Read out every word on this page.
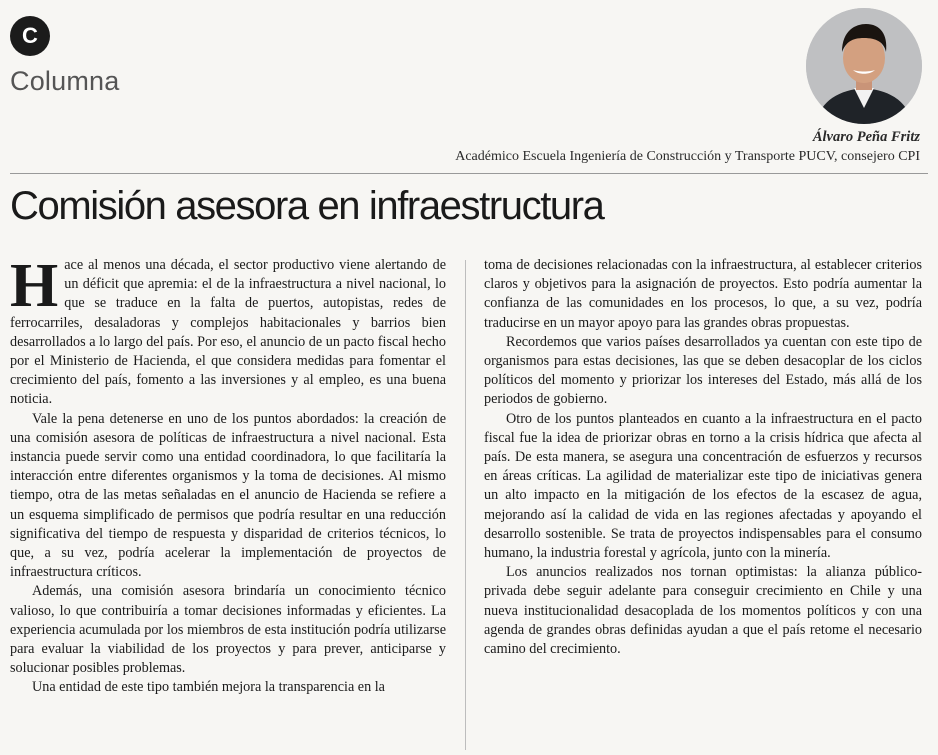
C
Columna
Álvaro Peña Fritz
Académico Escuela Ingeniería de Construcción y Transporte PUCV, consejero CPI
Comisión asesora en infraestructura

Hace al menos una década, el sector productivo viene alertando de un déficit que apremia: el de la infraestructura a nivel nacional, lo que se traduce en la falta de puertos, autopistas, redes de ferrocarriles, desaladoras y complejos habitacionales y barrios bien desarrollados a lo largo del país. Por eso, el anuncio de un pacto fiscal hecho por el Ministerio de Hacienda, el que considera medidas para fomentar el crecimiento del país, fomento a las inversiones y al empleo, es una buena noticia.

Vale la pena detenerse en uno de los puntos abordados: la creación de una comisión asesora de políticas de infraestructura a nivel nacional. Esta instancia puede servir como una entidad coordinadora, lo que facilitaría la interacción entre diferentes organismos y la toma de decisiones. Al mismo tiempo, otra de las metas señaladas en el anuncio de Hacienda se refiere a un esquema simplificado de permisos que podría resultar en una reducción significativa del tiempo de respuesta y disparidad de criterios técnicos, lo que, a su vez, podría acelerar la implementación de proyectos de infraestructura críticos.

Además, una comisión asesora brindaría un conocimiento técnico valioso, lo que contribuiría a tomar decisiones informadas y eficientes. La experiencia acumulada por los miembros de esta institución podría utilizarse para evaluar la viabilidad de los proyectos y para prever, anticiparse y solucionar posibles problemas.

Una entidad de este tipo también mejora la transparencia en la

toma de decisiones relacionadas con la infraestructura, al establecer criterios claros y objetivos para la asignación de proyectos. Esto podría aumentar la confianza de las comunidades en los procesos, lo que, a su vez, podría traducirse en un mayor apoyo para las grandes obras propuestas.

Recordemos que varios países desarrollados ya cuentan con este tipo de organismos para estas decisiones, las que se deben desacoplar de los ciclos políticos del momento y priorizar los intereses del Estado, más allá de los periodos de gobierno.

Otro de los puntos planteados en cuanto a la infraestructura en el pacto fiscal fue la idea de priorizar obras en torno a la crisis hídrica que afecta al país. De esta manera, se asegura una concentración de esfuerzos y recursos en áreas críticas. La agilidad de materializar este tipo de iniciativas genera un alto impacto en la mitigación de los efectos de la escasez de agua, mejorando así la calidad de vida en las regiones afectadas y apoyando el desarrollo sostenible. Se trata de proyectos indispensables para el consumo humano, la industria forestal y agrícola, junto con la minería.

Los anuncios realizados nos tornan optimistas: la alianza público-privada debe seguir adelante para conseguir crecimiento en Chile y una nueva institucionalidad desacoplada de los momentos políticos y con una agenda de grandes obras definidas ayudan a que el país retome el necesario camino del crecimiento.
